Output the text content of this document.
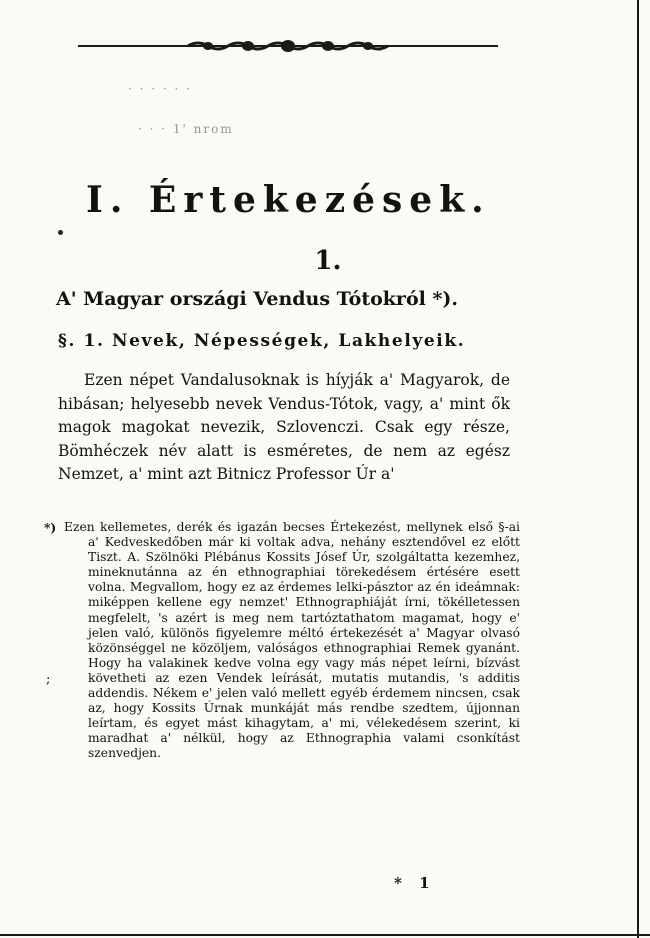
· · · · · ·
· · · 1' nrom
I. Értekezések.
1.
A' Magyar országi Vendus Tótokról *).
§. 1. Nevek, Népességek, Lakhelyeik.

Ezen népet Vandalusoknak is híyják a' Magyarok, de hibásan; helyesebb nevek Vendus-Tótok, vagy, a' mint ők magok magokat nevezik, Szlovenczi. Csak egy része, Bömhéczek név alatt is esméretes, de nem az egész Nemzet, a' mint azt Bitnicz Professor Úr a'

*) Ezen kellemetes, derék és igazán becses Értekezést, mellynek első §-ai a' Kedveskedőben már ki voltak adva, nehány esztendővel ez előtt Tiszt. A. Szölnöki Plébánus Kossits Jósef Úr, szolgáltatta kezemhez, mineknutánna az én ethnographiai törekedésem értésére esett volna. Megvallom, hogy ez az érdemes lelki-pásztor az én ideámnak: miképpen kellene egy nemzet' Ethnographiáját írni, tökélletessen megfelelt, 's azért is meg nem tartóztathatom magamat, hogy e' jelen való, különös figyelemre méltó értekezését a' Magyar olvasó közönséggel ne közöljem, valóságos ethnographiai Remek gyanánt. Hogy ha valakinek kedve volna egy vagy más népet leírni, bízvást követheti az ezen Vendek leírását, mutatis mutandis, 's additis addendis. Nékem e' jelen való mellett egyéb érdemem nincsen, csak az, hogy Kossits Úrnak munkáját más rendbe szedtem, újjonnan leírtam, és egyet mást kihagytam, a' mi, vélekedésem szerint, ki maradhat a' nélkül, hogy az Ethnographia valami csonkítást szenvedjen.

;
* 1
